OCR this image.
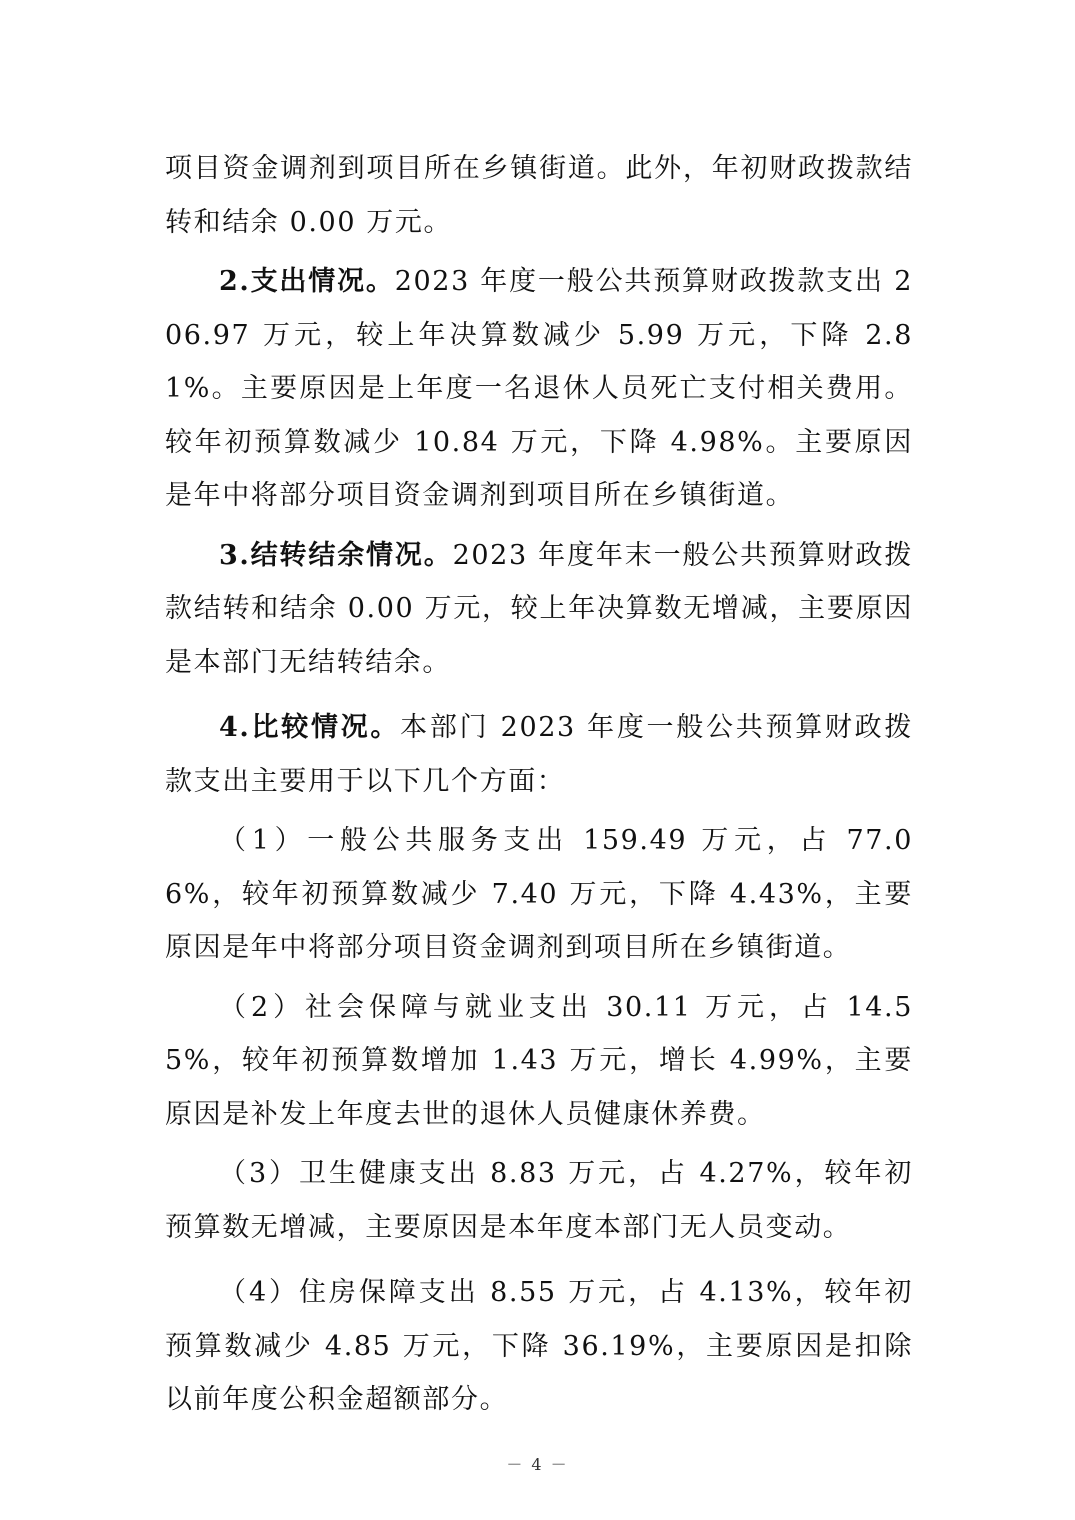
项目资金调剂到项目所在乡镇街道。此外，年初财政拨款结转和结余 0.00 万元。

2.支出情况。2023 年度一般公共预算财政拨款支出 206.97 万元，较上年决算数减少 5.99 万元，下降 2.81%。主要原因是上年度一名退休人员死亡支付相关费用。较年初预算数减少 10.84 万元，下降 4.98%。主要原因是年中将部分项目资金调剂到项目所在乡镇街道。

3.结转结余情况。2023 年度年末一般公共预算财政拨款结转和结余 0.00 万元，较上年决算数无增减，主要原因是本部门无结转结余。

4.比较情况。本部门 2023 年度一般公共预算财政拨款支出主要用于以下几个方面：

（1）一般公共服务支出 159.49 万元，占 77.06%，较年初预算数减少 7.40 万元，下降 4.43%，主要原因是年中将部分项目资金调剂到项目所在乡镇街道。

（2）社会保障与就业支出 30.11 万元，占 14.55%，较年初预算数增加 1.43 万元，增长 4.99%，主要原因是补发上年度去世的退休人员健康休养费。

（3）卫生健康支出 8.83 万元，占 4.27%，较年初预算数无增减，主要原因是本年度本部门无人员变动。

（4）住房保障支出 8.55 万元，占 4.13%，较年初预算数减少 4.85 万元，下降 36.19%，主要原因是扣除以前年度公积金超额部分。

－ 4 －
